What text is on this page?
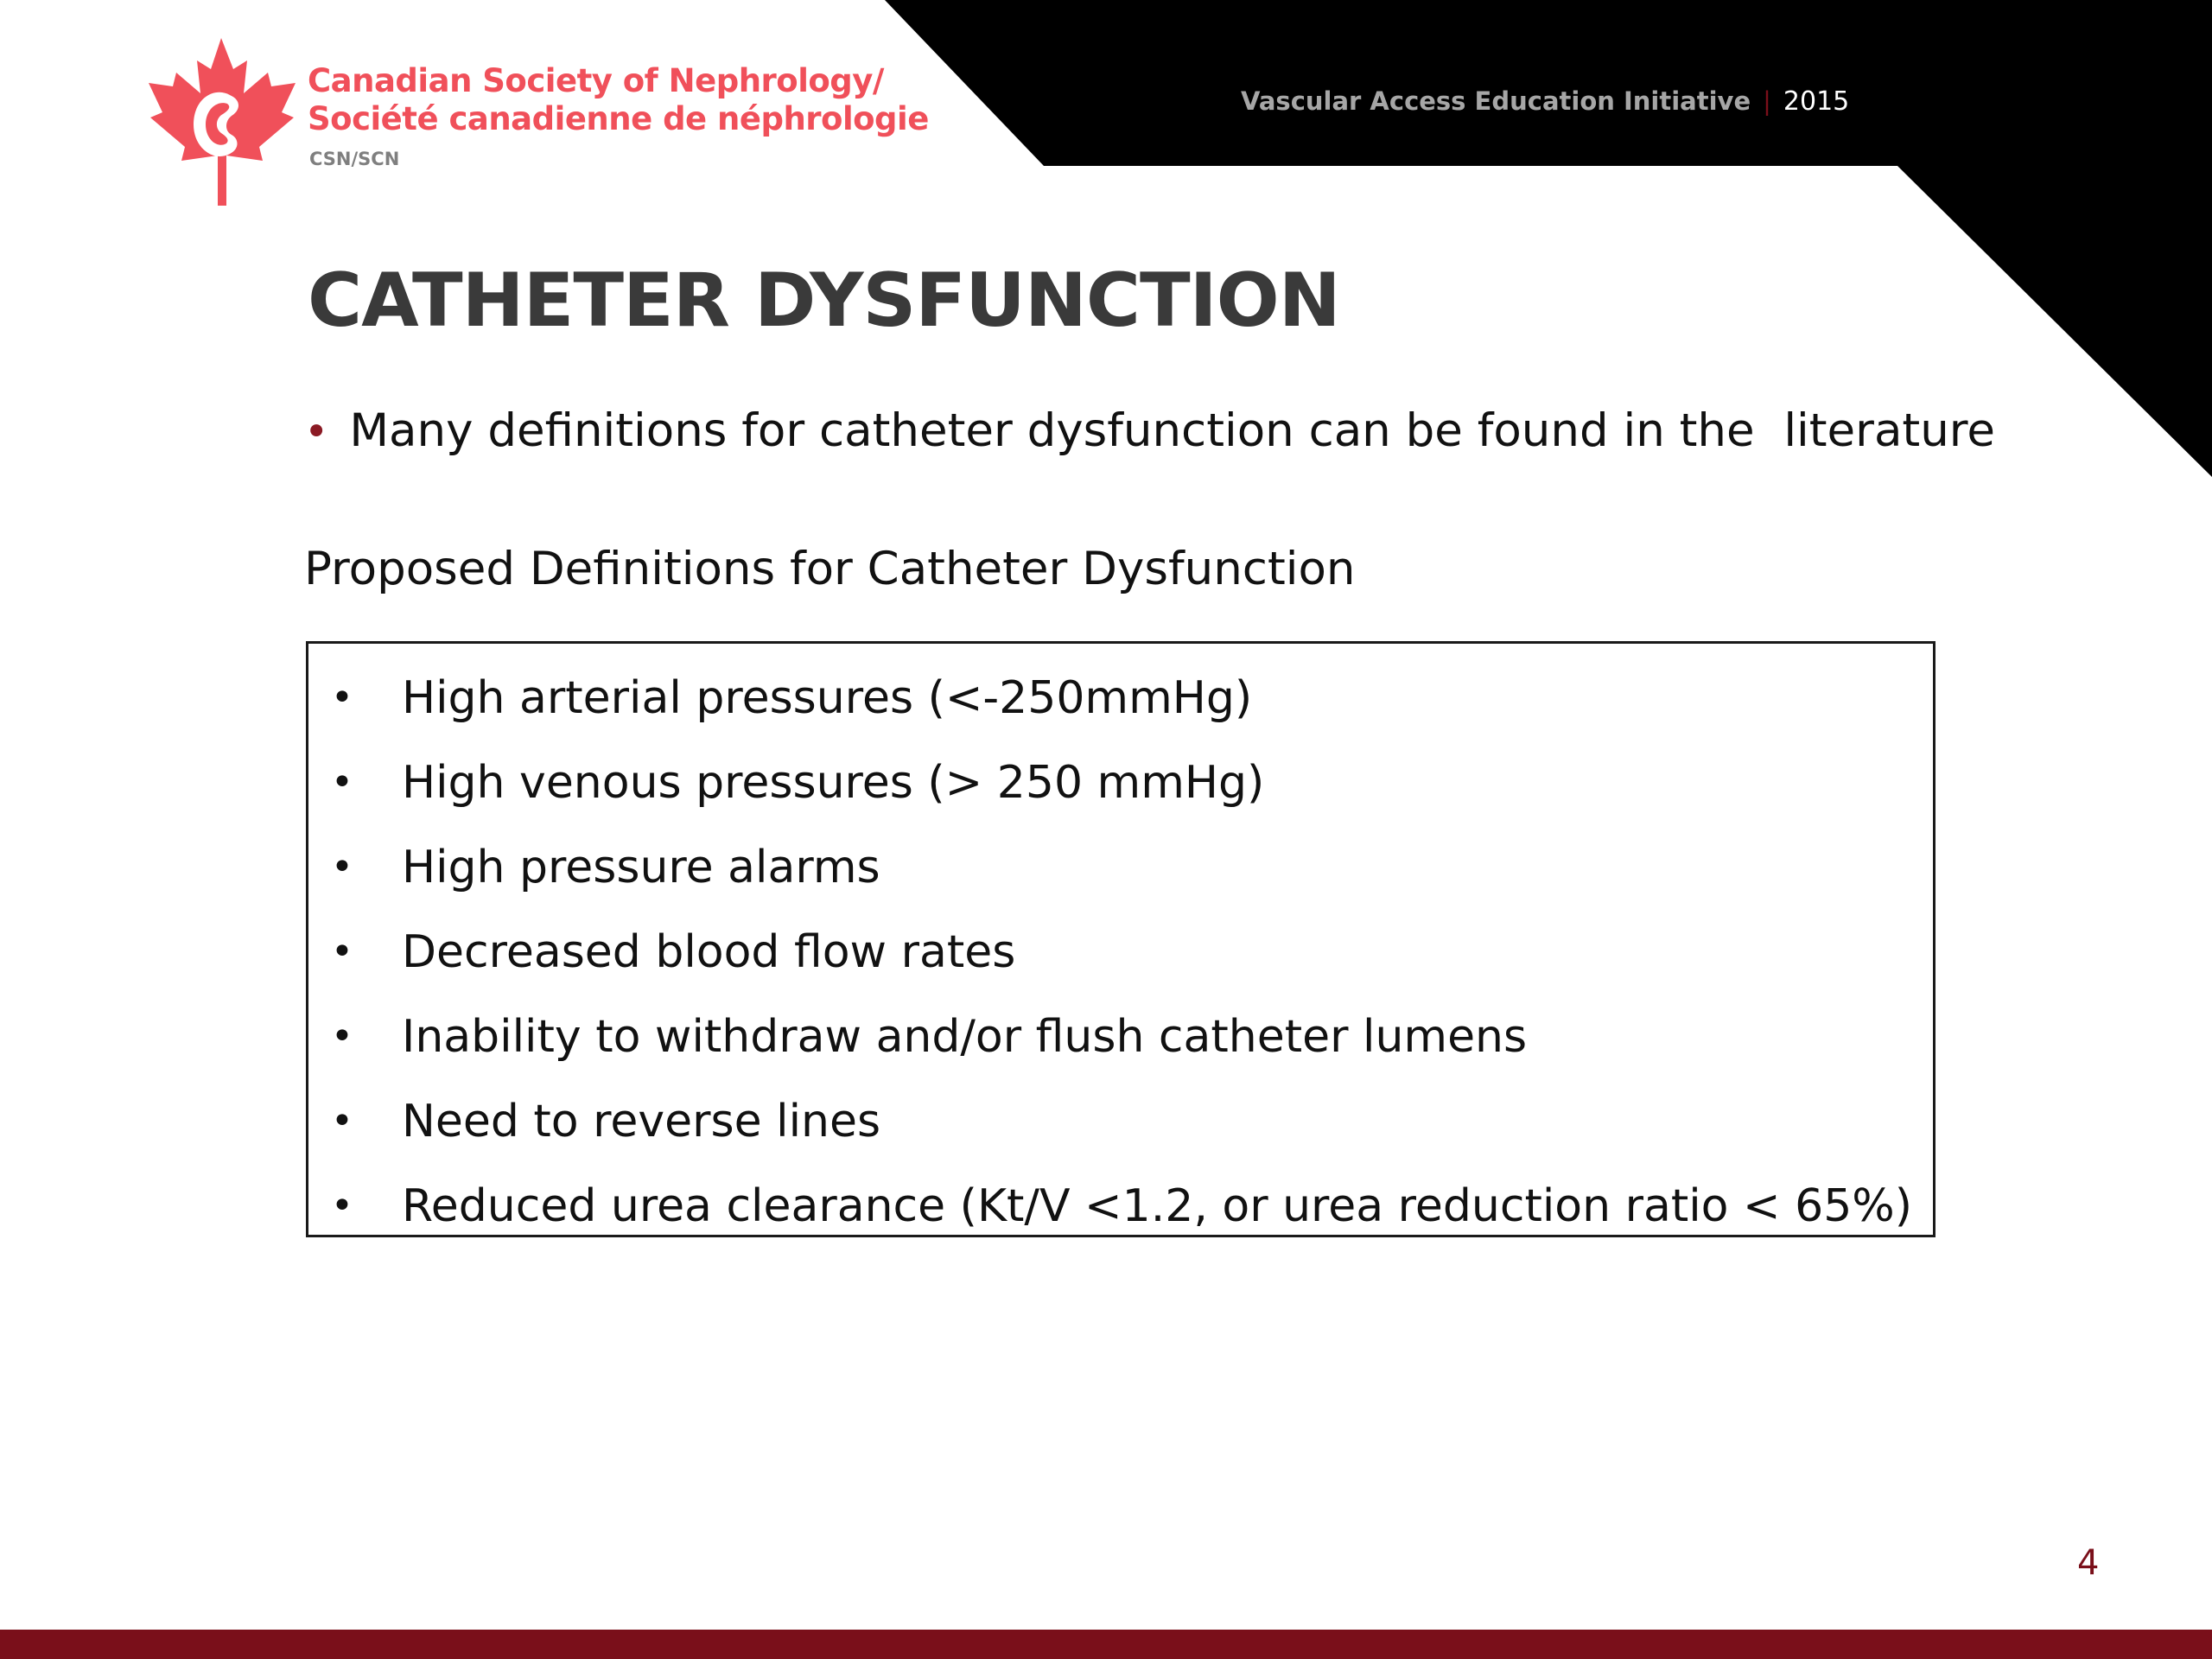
Canadian Society of Nephrology/
Société canadienne de néphrologie
CSN/SCN
Vascular Access Education Initiative | 2015
CATHETER DYSFUNCTION
• Many definitions for catheter dysfunction can be found in the  literature
Proposed Definitions for Catheter Dysfunction
• High arterial pressures (<-250mmHg)
• High venous pressures (> 250 mmHg)
• High pressure alarms
• Decreased blood flow rates
• Inability to withdraw and/or flush catheter lumens
• Need to reverse lines
• Reduced urea clearance (Kt/V <1.2, or urea reduction ratio < 65%)
4
